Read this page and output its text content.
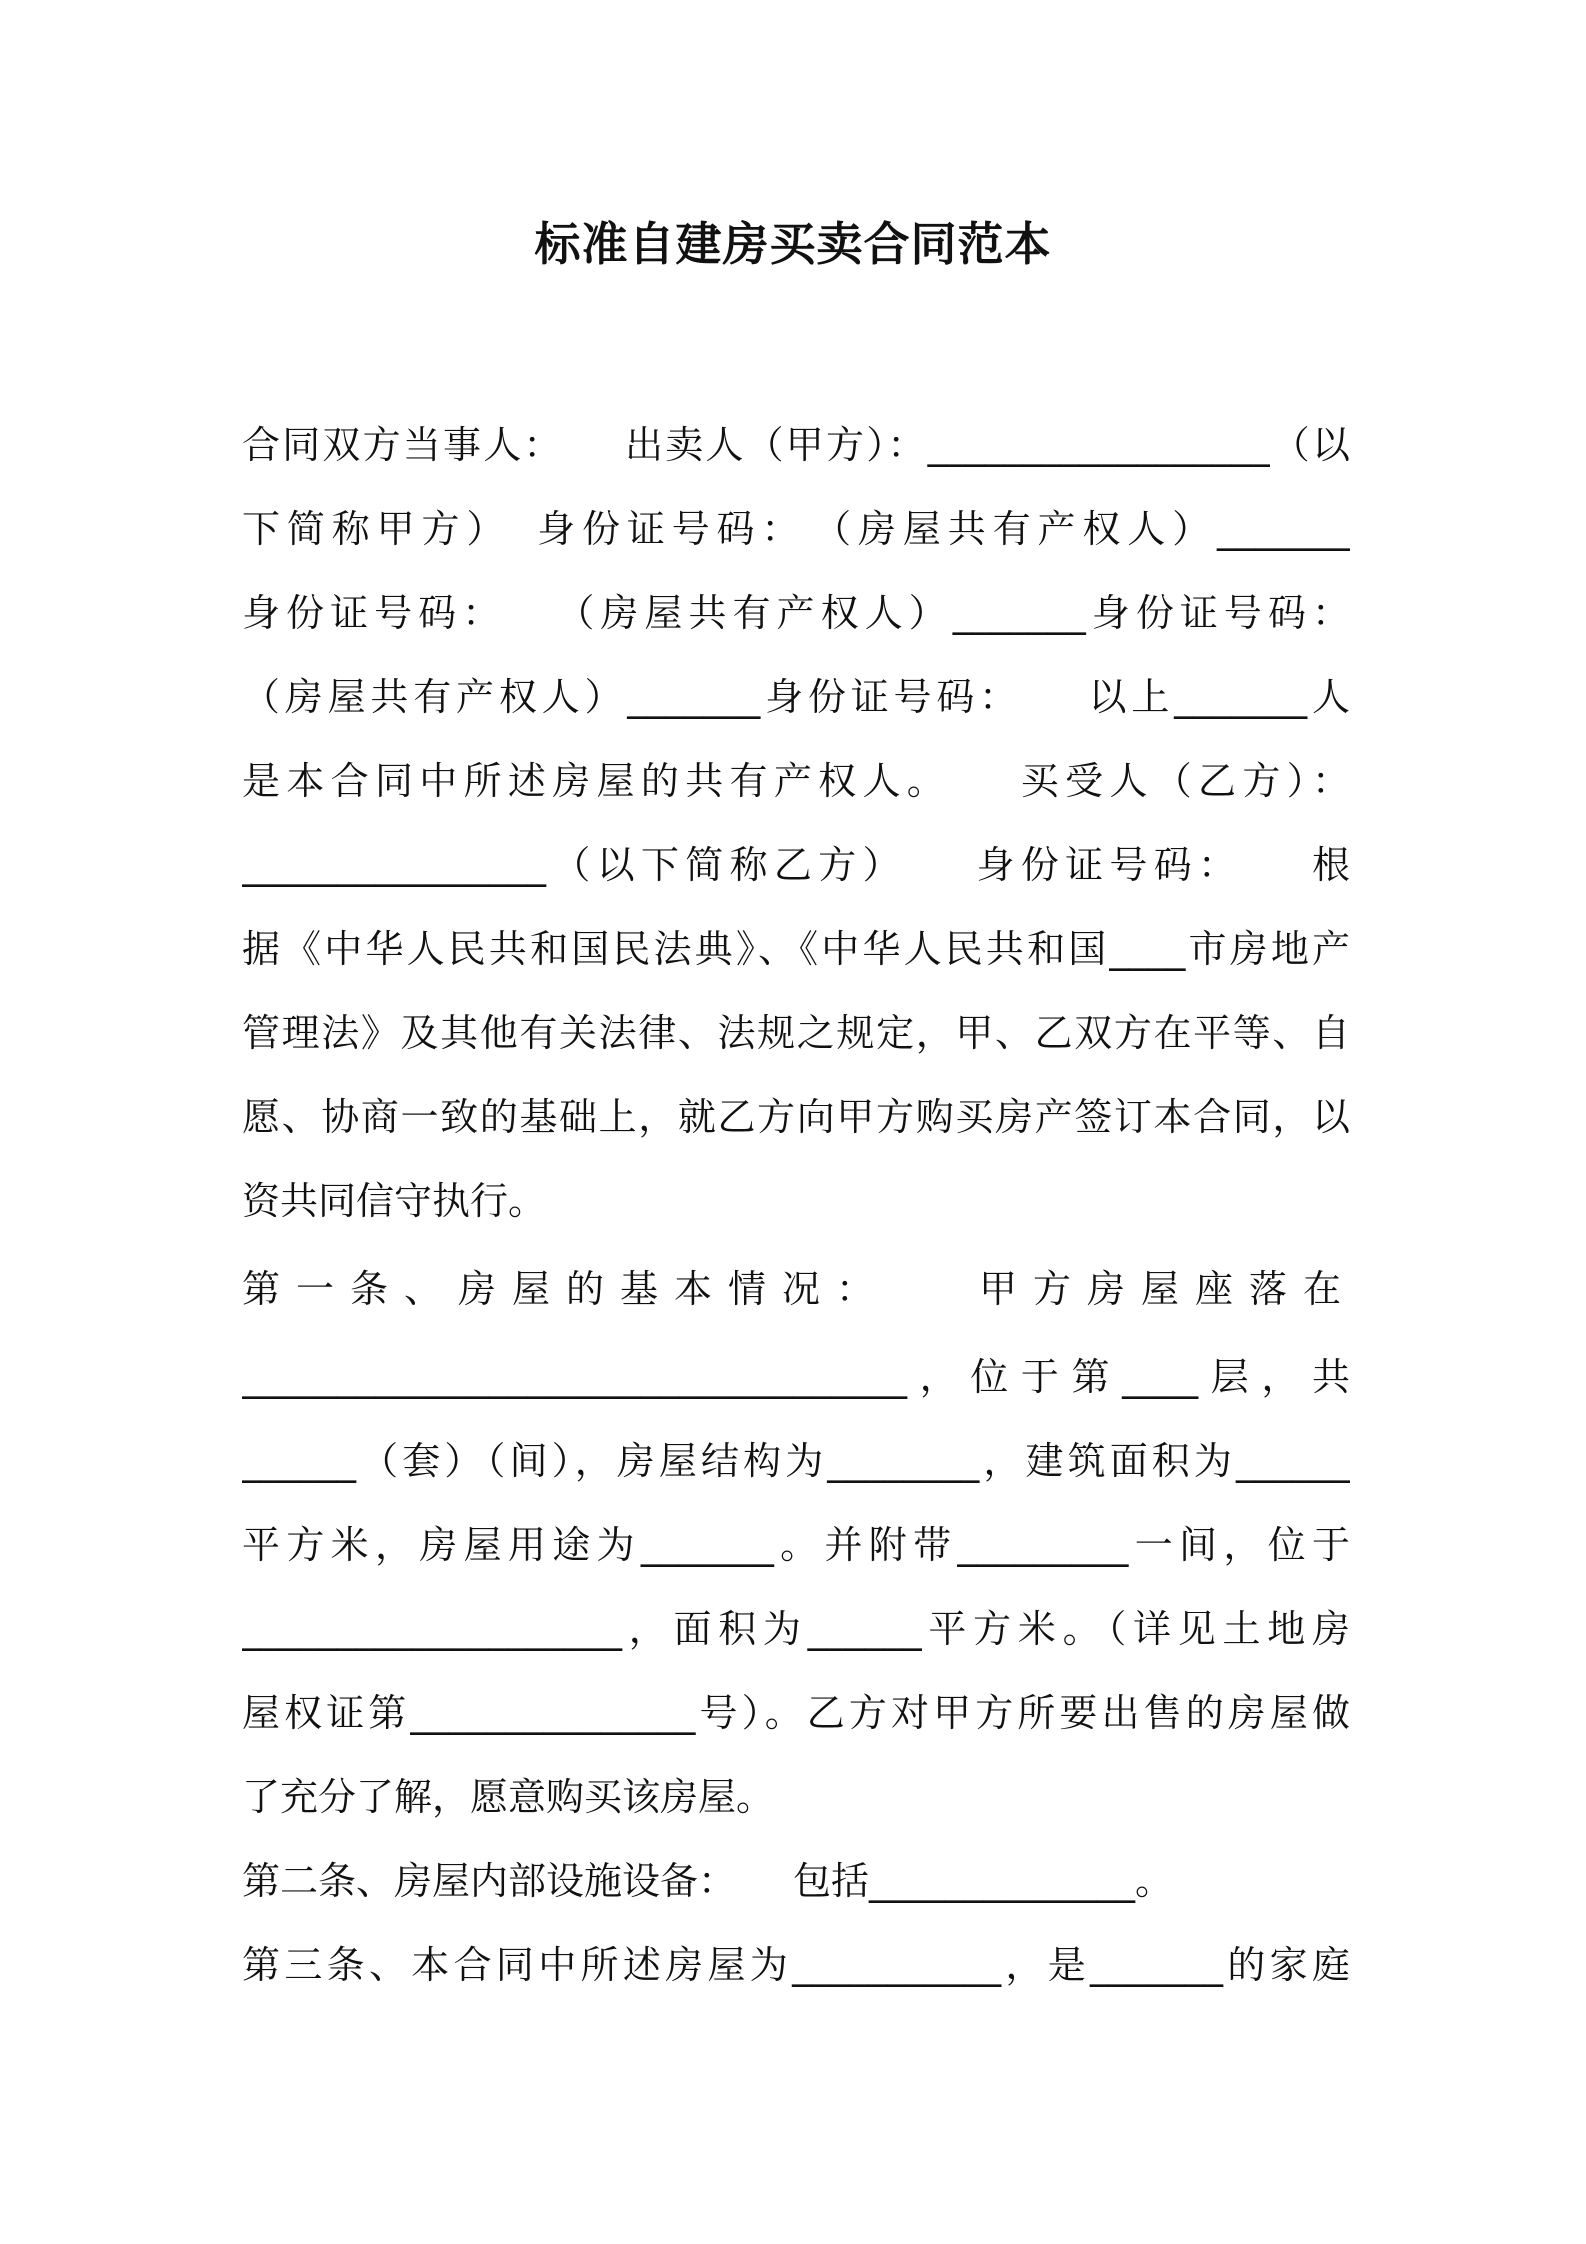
标准自建房买卖合同范本
合同双方当事人：　　出卖人（甲方）：__________________（以
下简称甲方）　身份证号码：　（房屋共有产权人）_______
身份证号码：　　（房屋共有产权人）_______身份证号码：
（房屋共有产权人）_______身份证号码：　　以上_______人
是本合同中所述房屋的共有产权人。　　买受人（乙方）：
________________（以下简称乙方）　　身份证号码：　　根
据《中华人民共和国民法典》、《中华人民共和国____市房地产
管理法》及其他有关法律、法规之规定，甲、乙双方在平等、自
愿、协商一致的基础上，就乙方向甲方购买房产签订本合同，以
资共同信守执行。
第一条、房屋的基本情况：　　甲方房屋座落在
___________________________________，位于第____层，共
______（套）（间），房屋结构为________，建筑面积为______
平方米，房屋用途为_______。并附带_________一间，位于
____________________，面积为______平方米。（详见土地房
屋权证第_______________号）。乙方对甲方所要出售的房屋做
了充分了解，愿意购买该房屋。
第二条、房屋内部设施设备：　　包括______________。
第三条、本合同中所述房屋为___________，是_______的家庭
